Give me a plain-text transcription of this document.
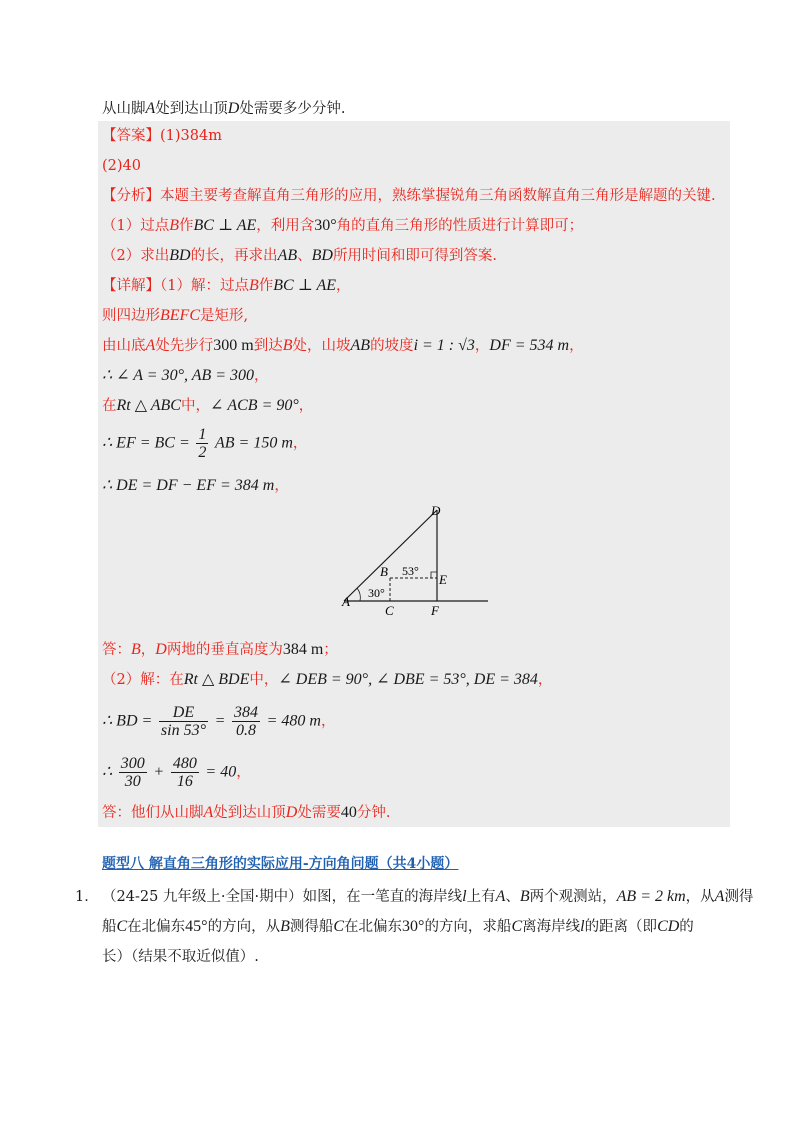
从山脚A处到达山顶D处需要多少分钟.
【答案】(1)384m
(2)40
【分析】本题主要考查解直角三角形的应用，熟练掌握锐角三角函数解直角三角形是解题的关键.
（1）过点B作BC ⊥ AE，利用含30°角的直角三角形的性质进行计算即可；
（2）求出BD的长，再求出AB、BD所用时间和即可得到答案.
【详解】（1）解：过点B作BC ⊥ AE，
则四边形BEFC是矩形,
由山底A处先步行300 m到达B处，山坡AB的坡度i = 1 : √3，DF = 534 m，
∴ ∠ A = 30°, AB = 300，
在Rt △ ABC中，∠ ACB = 90°，
∴ EF = BC = $\frac{1}{2}$ AB = 150 m，
∴ DE = DF − EF = 384 m，
D
B
E
A
C	F
53°
30°
答：B，D两地的垂直高度为384 m；
（2）解：在Rt △ BDE中，∠ DEB = 90°, ∠ DBE = 53°, DE = 384，
∴ BD = $\frac{DE}{\sin 53^\circ} = \frac{384}{0.8} = 480$ m，
∴ $\frac{300}{30} + \frac{480}{16} = 40$，
答：他们从山脚A处到达山顶D处需要40分钟.
题型八 解直角三角形的实际应用-方向角问题（共4小题）
1． （24-25 九年级上·全国·期中）如图，在一笔直的海岸线l上有A、B两个观测站，AB = 2 km，从A测得
船C在北偏东45°的方向，从B测得船C在北偏东30°的方向，求船C离海岸线l的距离（即CD的
长）（结果不取近似值）.
